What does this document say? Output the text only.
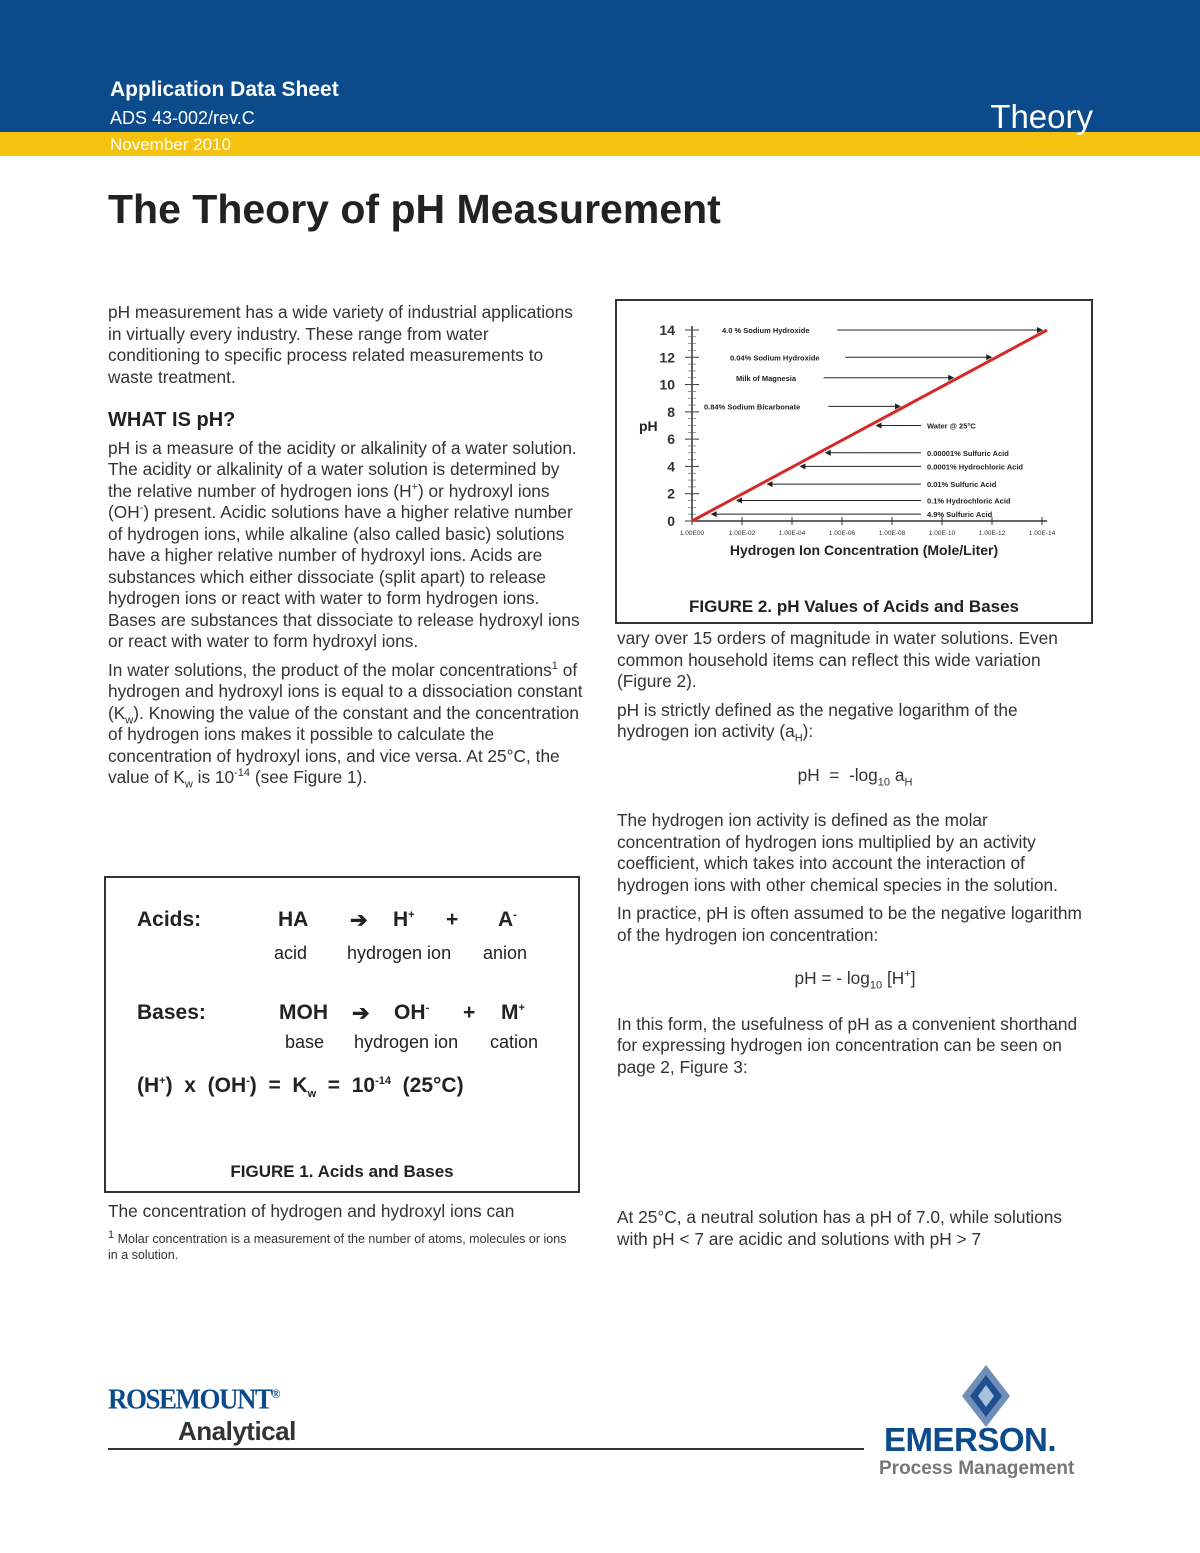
Application Data Sheet
ADS 43-002/rev.C
November 2010
Theory
The Theory of pH Measurement

pH measurement has a wide variety of industrial applications in virtually every industry. These range from water conditioning to specific process related measurements to waste treatment.

WHAT IS pH?

pH is a measure of the acidity or alkalinity of a water solution. The acidity or alkalinity of a water solution is determined by the relative number of hydrogen ions (H+) or hydroxyl ions (OH-) present. Acidic solutions have a higher relative number of hydrogen ions, while alkaline (also called basic) solutions have a higher relative number of hydroxyl ions. Acids are substances which either dissociate (split apart) to release hydrogen ions or react with water to form hydrogen ions. Bases are substances that dissociate to release hydroxyl ions or react with water to form hydroxyl ions.

In water solutions, the product of the molar concentrations$^1$ of hydrogen and hydroxyl ions is equal to a dissociation constant $(K_w)$. Knowing the value of the constant and the concentration of hydrogen ions makes it possible to calculate the concentration of hydroxyl ions, and vice versa. At 25°C, the value of $K_w$ is $10^{-14}$ (see Figure 1).

Acids:	HA ➔ H+ + A-
acid hydrogen ion anion
Bases:	MOH ➔ OH- + M+
base hydrogen ion cation
(H+)  x  $(OH^-) = K_w = 10^{-14}$  (25°C)
FIGURE 1. Acids and Bases
The concentration of hydrogen and hydroxyl ions can
$^1$ Molar concentration is a measurement of the number of atoms, molecules or ions in a solution.
0
2
4
6
8
10
12
14
1.00E00	1.00E-02	1.00E-04	1.00E-06	1.00E-08	1.00E-10	1.00E-12	1.00E-14
pH
Hydrogen Ion Concentration (Mole/Liter)
4.0 % Sodium Hydroxide
0.04% Sodium Hydroxide
Milk of Magnesia
0.84% Sodium Bicarbonate
Water @ 25°C
0.00001% Sulfuric Acid
0.0001% Hydrochloric Acid
0.01% Sulfuric Acid
0.1% Hydrochloric Acid
4.9% Sulfuric Acid
FIGURE 2. pH Values of Acids and Bases

vary over 15 orders of magnitude in water solutions. Even common household items can reflect this wide variation (Figure 2).

pH is strictly defined as the negative logarithm of the hydrogen ion activity $(a_H)$:

pH  =  $-\log_{10}$ $a_H$

The hydrogen ion activity is defined as the molar concentration of hydrogen ions multiplied by an activity coefficient, which takes into account the interaction of hydrogen ions with other chemical species in the solution.

In practice, pH is often assumed to be the negative logarithm of the hydrogen ion concentration:

pH = - $\log_{10} [H^+]$

In this form, the usefulness of pH as a convenient shorthand for expressing hydrogen ion concentration can be seen on page 2, Figure 3:

At 25°C, a neutral solution has a pH of 7.0, while solutions with pH < 7 are acidic and solutions with pH > 7
ROSEMOUNT®
Analytical	EMERSON.
Process Management
